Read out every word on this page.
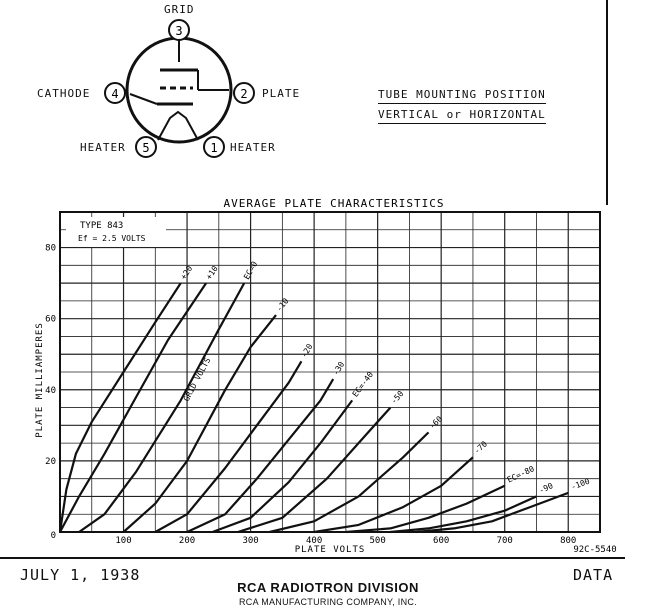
3
2
4
5	1
GRID
PLATE
CATHODE
HEATER	HEATER
TUBE MOUNTING POSITION
VERTICAL or HORIZONTAL
AVERAGE PLATE CHARACTERISTICS
100	200	300	400	500	600	700	800
0
20
40
60
80
+20 +10	EC=0
-10
-20
-30
EC=-40 -50
-60
-70
EC=-80
-90 -100
TYPE 843
Ef = 2.5 VOLTS
PLATE VOLTS
PLATE MILLIAMPERES
92C-5540
GRID VOLTS
JULY 1, 1938	DATA
RCA RADIOTRON DIVISION
RCA MANUFACTURING COMPANY, INC.
